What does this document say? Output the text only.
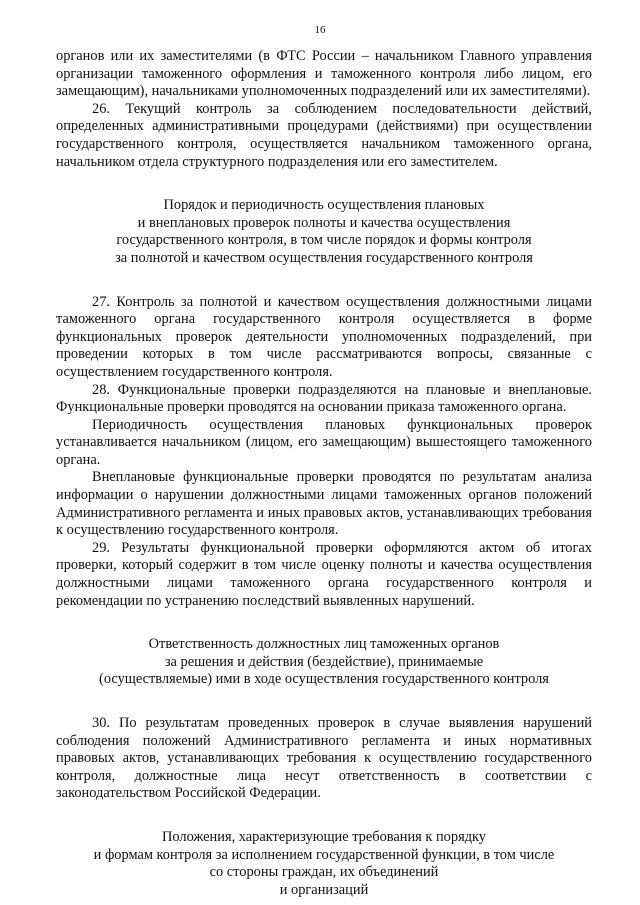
16

органов или их заместителями (в ФТС России – начальником Главного управления организации таможенного оформления и таможенного контроля либо лицом, его замещающим), начальниками уполномоченных подразделений или их заместителями).

26. Текущий контроль за соблюдением последовательности действий, определенных административными процедурами (действиями) при осуществлении государственного контроля, осуществляется начальником таможенного органа, начальником отдела структурного подразделения или его заместителем.

Порядок и периодичность осуществления плановых
и внеплановых проверок полноты и качества осуществления
государственного контроля, в том числе порядок и формы контроля
за полнотой и качеством осуществления государственного контроля

27. Контроль за полнотой и качеством осуществления должностными лицами таможенного органа государственного контроля осуществляется в форме функциональных проверок деятельности уполномоченных подразделений, при проведении которых в том числе рассматриваются вопросы, связанные с осуществлением государственного контроля.

28. Функциональные проверки подразделяются на плановые и внеплановые. Функциональные проверки проводятся на основании приказа таможенного органа.

Периодичность осуществления плановых функциональных проверок устанавливается начальником (лицом, его замещающим) вышестоящего таможенного органа.

Внеплановые функциональные проверки проводятся по результатам анализа информации о нарушении должностными лицами таможенных органов положений Административного регламента и иных правовых актов, устанавливающих требования к осуществлению государственного контроля.

29. Результаты функциональной проверки оформляются актом об итогах проверки, который содержит в том числе оценку полноты и качества осуществления должностными лицами таможенного органа государственного контроля и рекомендации по устранению последствий выявленных нарушений.

Ответственность должностных лиц таможенных органов
за решения и действия (бездействие), принимаемые
(осуществляемые) ими в ходе осуществления государственного контроля

30. По результатам проведенных проверок в случае выявления нарушений соблюдения положений Административного регламента и иных нормативных правовых актов, устанавливающих требования к осуществлению государственного контроля, должностные лица несут ответственность в соответствии с законодательством Российской Федерации.

Положения, характеризующие требования к порядку
и формам контроля за исполнением государственной функции, в том числе
со стороны граждан, их объединений
и организаций
